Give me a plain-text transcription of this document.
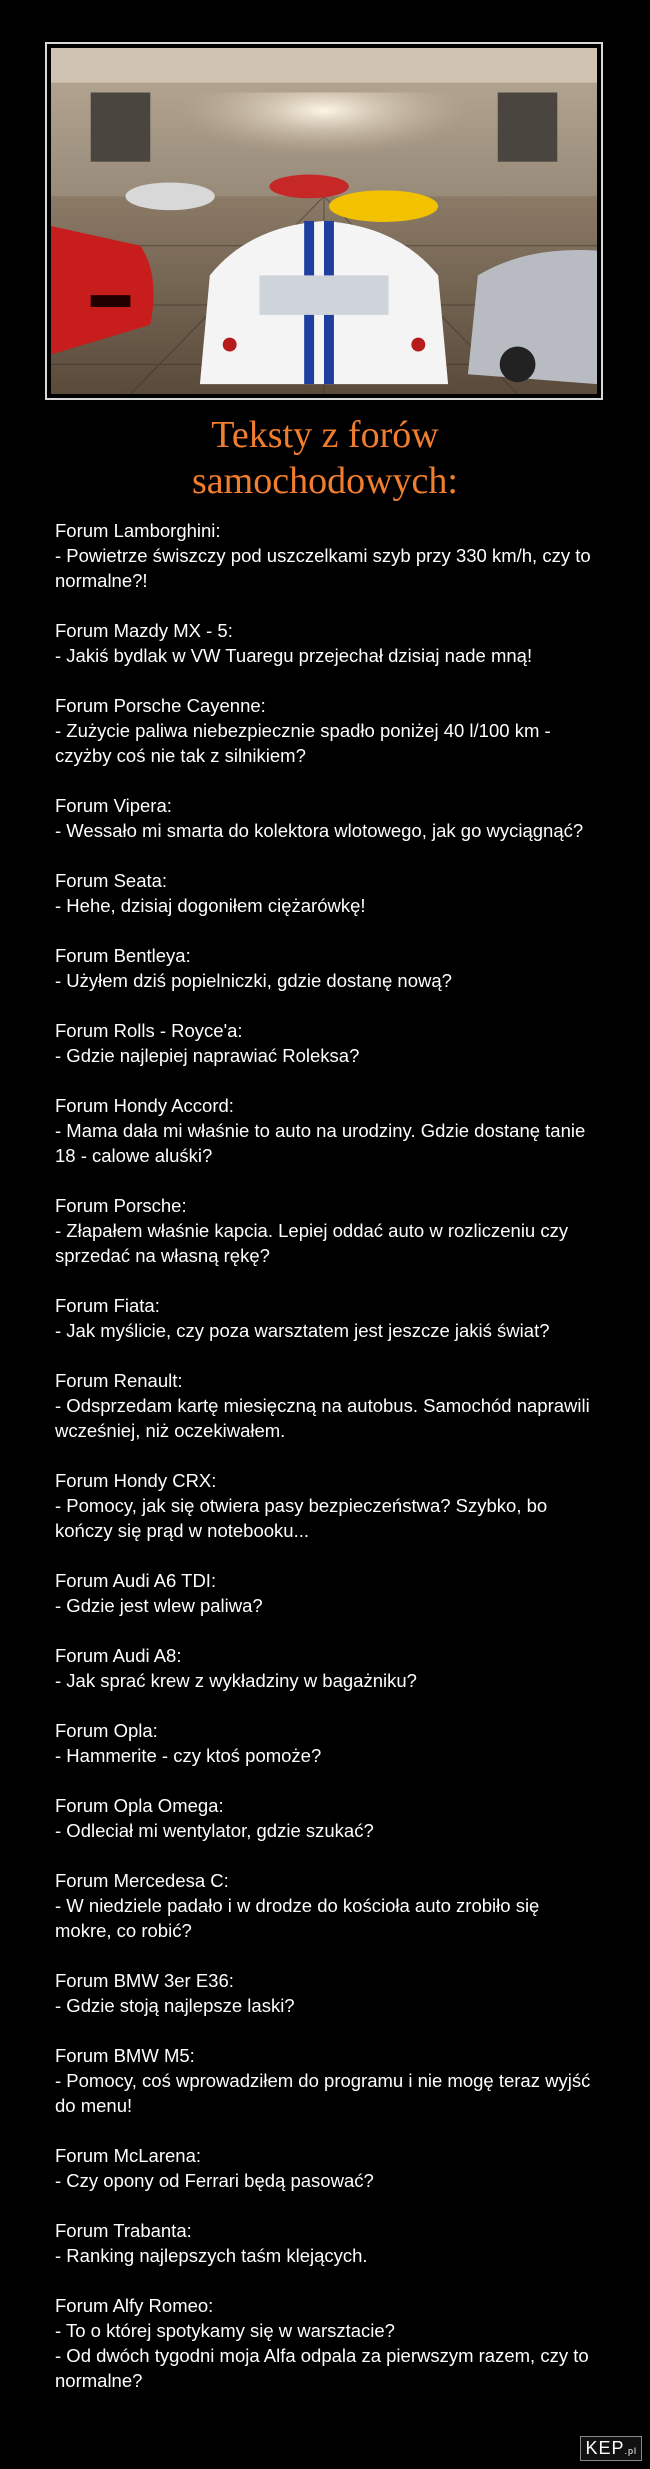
Teksty z forów
samochodowych:
Forum Lamborghini:
- Powietrze świszczy pod uszczelkami szyb przy 330 km/h, czy to normalne?!
Forum Mazdy MX - 5:
- Jakiś bydlak w VW Tuaregu przejechał dzisiaj nade mną!
Forum Porsche Cayenne:
- Zużycie paliwa niebezpiecznie spadło poniżej 40 l/100 km - czyżby coś nie tak z silnikiem?
Forum Vipera:
- Wessało mi smarta do kolektora wlotowego, jak go wyciągnąć?
Forum Seata:
- Hehe, dzisiaj dogoniłem ciężarówkę!
Forum Bentleya:
- Użyłem dziś popielniczki, gdzie dostanę nową?
Forum Rolls - Royce'a:
- Gdzie najlepiej naprawiać Roleksa?
Forum Hondy Accord:
- Mama dała mi właśnie to auto na urodziny. Gdzie dostanę tanie 18 - calowe aluśki?
Forum Porsche:
- Złapałem właśnie kapcia. Lepiej oddać auto w rozliczeniu czy sprzedać na własną rękę?
Forum Fiata:
- Jak myślicie, czy poza warsztatem jest jeszcze jakiś świat?
Forum Renault:
- Odsprzedam kartę miesięczną na autobus. Samochód naprawili wcześniej, niż oczekiwałem.
Forum Hondy CRX:
- Pomocy, jak się otwiera pasy bezpieczeństwa? Szybko, bo kończy się prąd w notebooku...
Forum Audi A6 TDI:
- Gdzie jest wlew paliwa?
Forum Audi A8:
- Jak sprać krew z wykładziny w bagażniku?
Forum Opla:
- Hammerite - czy ktoś pomoże?
Forum Opla Omega:
- Odleciał mi wentylator, gdzie szukać?
Forum Mercedesa C:
- W niedziele padało i w drodze do kościoła auto zrobiło się mokre, co robić?
Forum BMW 3er E36:
- Gdzie stoją najlepsze laski?
Forum BMW M5:
- Pomocy, coś wprowadziłem do programu i nie mogę teraz wyjść do menu!
Forum McLarena:
- Czy opony od Ferrari będą pasować?
Forum Trabanta:
- Ranking najlepszych taśm klejących.
Forum Alfy Romeo:
- To o której spotykamy się w warsztacie?
- Od dwóch tygodni moja Alfa odpala za pierwszym razem, czy to normalne?
KEP.pl
